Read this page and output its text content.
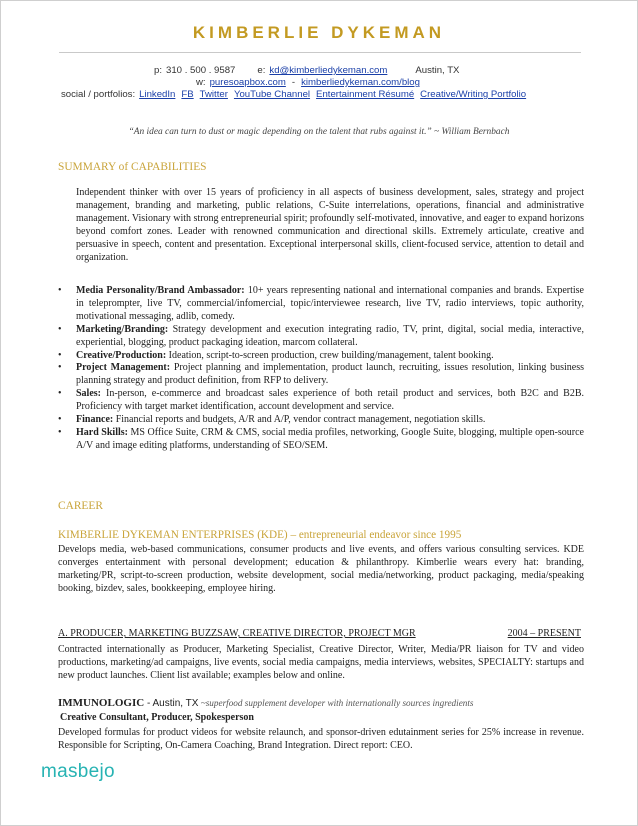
KIMBERLIE DYKEMAN
p: 310 . 500 . 9587 e: kd@kimberliedykeman.com	Austin, TX
w: puresoapbox.com - kimberliedykeman.com/blog
social / portfolios: LinkedIn FB Twitter YouTube Channel Entertainment Résumé Creative/Writing Portfolio
“An idea can turn to dust or magic depending on the talent that rubs against it.” ~ William Bernbach
SUMMARY of CAPABILITIES

Independent thinker with over 15 years of proficiency in all aspects of business development, sales, strategy and project management, branding and marketing, public relations, C-Suite interrelations, operations, financial and administrative management. Visionary with strong entrepreneurial spirit; profoundly self-motivated, innovative, and eager to expand horizons beyond comfort zones. Leader with renowned communication and directional skills. Extremely articulate, creative and persuasive in speech, content and presentation. Exceptional interpersonal skills, client-focused service, attention to detail and organization.

• Media Personality/Brand Ambassador: 10+ years representing national and international companies and brands. Expertise in teleprompter, live TV, commercial/infomercial, topic/interviewee research, live TV, radio interviews, topic authority, motivational messaging, adlib, comedy.
• Marketing/Branding: Strategy development and execution integrating radio, TV, print, digital, social media, interactive, experiential, blogging, product packaging ideation, marcom collateral.
• Creative/Production: Ideation, script-to-screen production, crew building/management, talent booking.
• Project Management: Project planning and implementation, product launch, recruiting, issues resolution, linking business planning strategy and product definition, from RFP to delivery.
• Sales: In-person, e-commerce and broadcast sales experience of both retail product and services, both B2C and B2B. Proficiency with target market identification, account development and service.
• Finance: Financial reports and budgets, A/R and A/P, vendor contract management, negotiation skills.
• Hard Skills: MS Office Suite, CRM & CMS, social media profiles, networking, Google Suite, blogging, multiple open-source A/V and image editing platforms, understanding of SEO/SEM.
CAREER
KIMBERLIE DYKEMAN ENTERPRISES (KDE) – entrepreneurial endeavor since 1995

Develops media, web-based communications, consumer products and live events, and offers various consulting services. KDE converges entertainment with personal development; education & philanthropy. Kimberlie wears every hat: branding, marketing/PR, script-to-screen production, website development, social media/networking, product packaging, media/speaking booking, bizdev, sales, bookkeeping, employee hiring.

A. PRODUCER, MARKETING BUZZSAW, CREATIVE DIRECTOR, PROJECT MGR	2004 – PRESENT

Contracted internationally as Producer, Marketing Specialist, Creative Director, Writer, Media/PR liaison for TV and video productions, marketing/ad campaigns, live events, social media campaigns, media interviews, websites, SPECIALTY: startups and new product launches. Client list available; examples below and online.

IMMUNOLOGIC - Austin, TX ~superfood supplement developer with internationally sources ingredients
Creative Consultant, Producer, Spokesperson

Developed formulas for product videos for website relaunch, and sponsor-driven edutainment series for 25% increase in revenue. Responsible for Scripting, On-Camera Coaching, Brand Integration. Direct report: CEO.

masbejo
